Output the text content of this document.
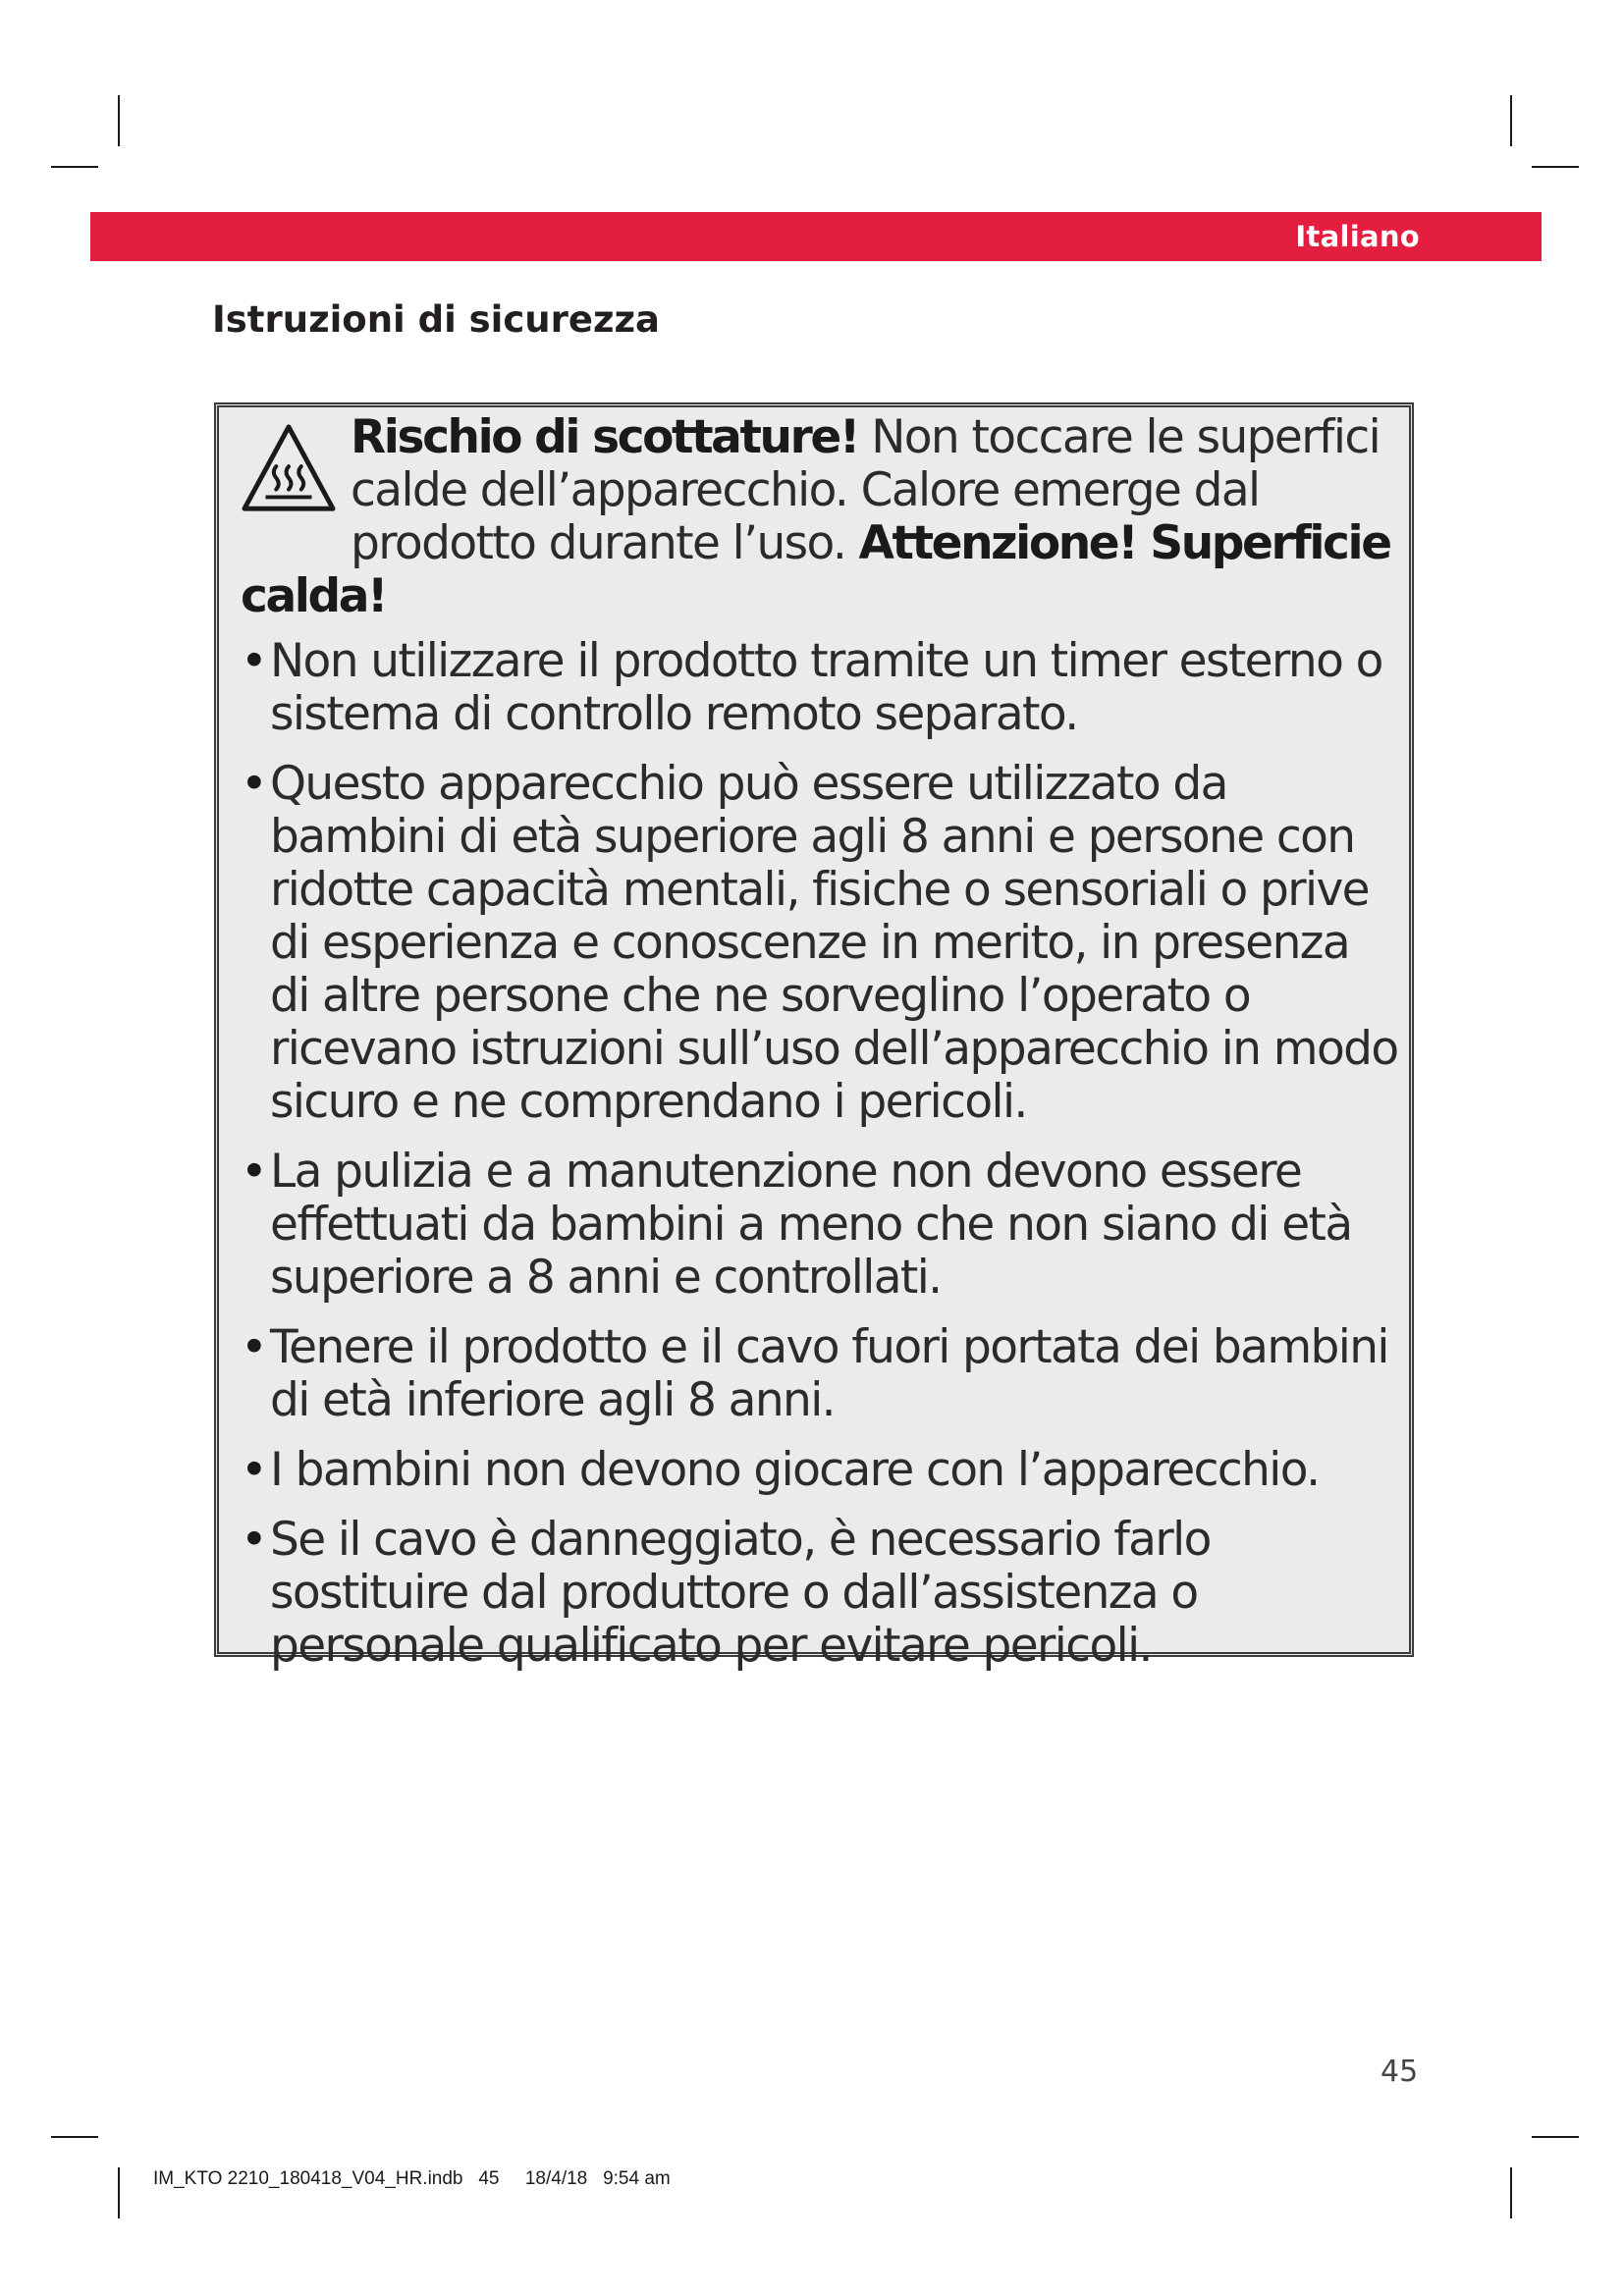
Italiano
Istruzioni di sicurezza
Rischio di scottature! Non toccare le superfici calde dell’apparecchio. Calore emerge dal prodotto durante l’uso. Attenzione! Superficie calda!
• Non utilizzare il prodotto tramite un timer esterno o sistema di controllo remoto separato.
• Questo apparecchio può essere utilizzato da bambini di età superiore agli 8 anni e persone con ridotte capacità mentali, fisiche o sensoriali o prive di esperienza e conoscenze in merito, in presenza di altre persone che ne sorveglino l’operato o ricevano istruzioni sull’uso dell’apparecchio in modo sicuro e ne comprendano i pericoli.
• La pulizia e a manutenzione non devono essere effettuati da bambini a meno che non siano di età superiore a 8 anni e controllati.
• Tenere il prodotto e il cavo fuori portata dei bambini di età inferiore agli 8 anni.
• I bambini non devono giocare con l’apparecchio.
• Se il cavo è danneggiato, è necessario farlo sostituire dal produttore o dall’assistenza o personale qualificato per evitare pericoli.
45
IM_KTO 2210_180418_V04_HR.indb   45     18/4/18   9:54 am
